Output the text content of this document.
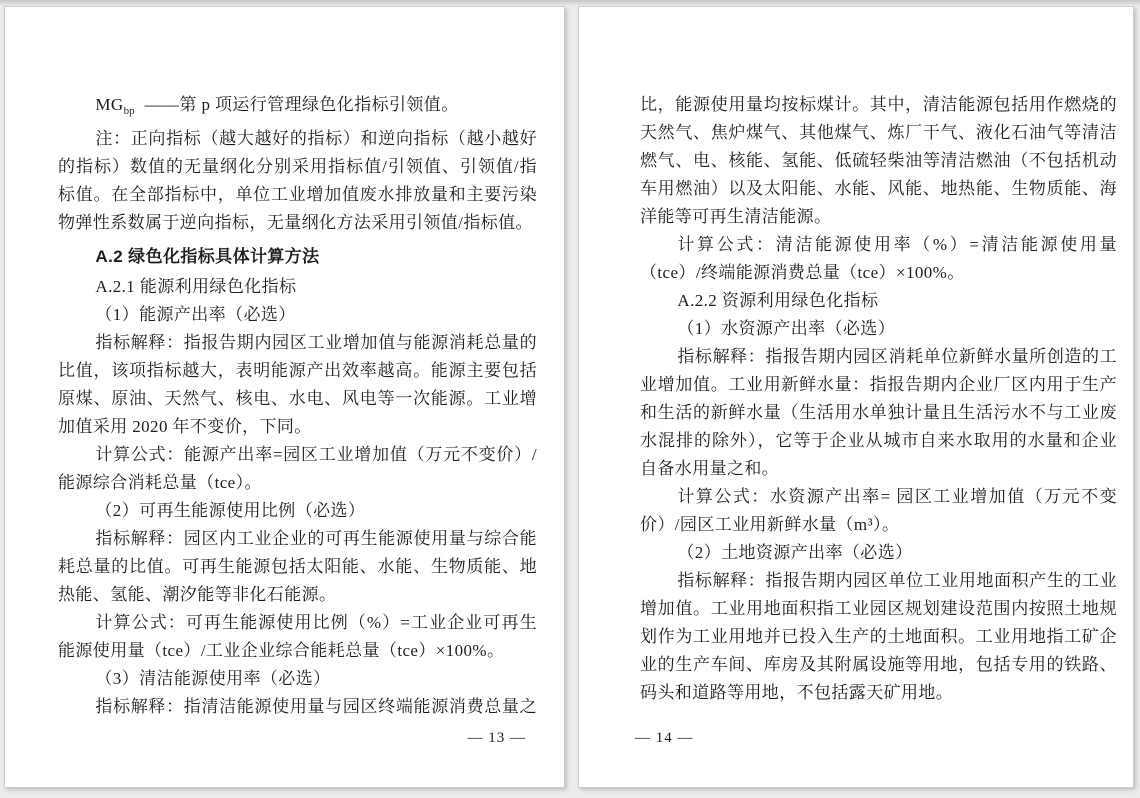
$MG_{bp}$ ——第 p 项运行管理绿色化指标引领值。

注：正向指标（越大越好的指标）和逆向指标（越小越好的指标）数值的无量纲化分别采用指标值/引领值、引领值/指标值。在全部指标中，单位工业增加值废水排放量和主要污染物弹性系数属于逆向指标，无量纲化方法采用引领值/指标值。

A.2 绿色化指标具体计算方法

A.2.1 能源利用绿色化指标

（1）能源产出率（必选）

指标解释：指报告期内园区工业增加值与能源消耗总量的比值，该项指标越大，表明能源产出效率越高。能源主要包括原煤、原油、天然气、核电、水电、风电等一次能源。工业增加值采用 2020 年不变价，下同。

计算公式：能源产出率=园区工业增加值（万元不变价）/能源综合消耗总量（tce）。

（2）可再生能源使用比例（必选）

指标解释：园区内工业企业的可再生能源使用量与综合能耗总量的比值。可再生能源包括太阳能、水能、生物质能、地热能、氢能、潮汐能等非化石能源。

计算公式：可再生能源使用比例（%）=工业企业可再生能源使用量（tce）/工业企业综合能耗总量（tce）×100%。

（3）清洁能源使用率（必选）

指标解释：指清洁能源使用量与园区终端能源消费总量之

— 13 —

比，能源使用量均按标煤计。其中，清洁能源包括用作燃烧的天然气、焦炉煤气、其他煤气、炼厂干气、液化石油气等清洁燃气、电、核能、氢能、低硫轻柴油等清洁燃油（不包括机动车用燃油）以及太阳能、水能、风能、地热能、生物质能、海洋能等可再生清洁能源。

计算公式：清洁能源使用率（%）=清洁能源使用量（tce）/终端能源消费总量（tce）×100%。

A.2.2 资源利用绿色化指标

（1）水资源产出率（必选）

指标解释：指报告期内园区消耗单位新鲜水量所创造的工业增加值。工业用新鲜水量：指报告期内企业厂区内用于生产和生活的新鲜水量（生活用水单独计量且生活污水不与工业废水混排的除外），它等于企业从城市自来水取用的水量和企业自备水用量之和。

计算公式：水资源产出率= 园区工业增加值（万元不变价）/园区工业用新鲜水量（m³）。

（2）土地资源产出率（必选）

指标解释：指报告期内园区单位工业用地面积产生的工业增加值。工业用地面积指工业园区规划建设范围内按照土地规划作为工业用地并已投入生产的土地面积。工业用地指工矿企业的生产车间、库房及其附属设施等用地，包括专用的铁路、码头和道路等用地，不包括露天矿用地。

— 14 —
